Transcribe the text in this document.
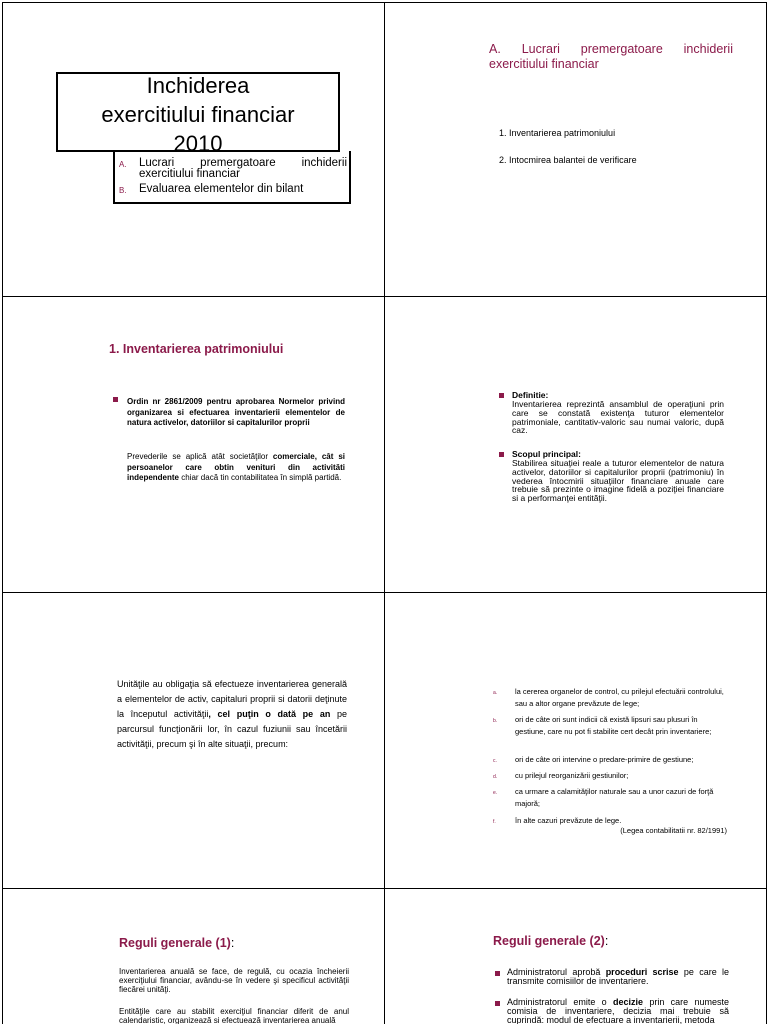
Inchiderea
exercitiului financiar
2010
A.	Lucrari premergatoare inchiderii exercitiului financiar
B.	Evaluarea elementelor din bilant
A. Lucrari premergatoare inchiderii
exercitiului financiar
1. Inventarierea patrimoniului
2. Intocmirea balantei de verificare
1. Inventarierea patrimoniului
Ordin nr 2861/2009 pentru aprobarea Normelor privind organizarea si efectuarea inventarierii elementelor de natura activelor, datoriilor si capitalurilor proprii
Prevederile se aplică atât societăţilor comerciale, cât si persoanelor care obtin venituri din activităti independente chiar dacă tin contabilitatea în simplă partidă.
Definitie:
Inventarierea reprezintă ansamblul de operaţiuni prin care se constată existenţa tuturor elementelor patrimoniale, cantitativ-valoric sau numai valoric, după caz.
Scopul principal:
Stabilirea situaţiei reale a tuturor elementelor de natura activelor, datoriilor si capitalurilor proprii (patrimoniu) în vederea întocmirii situaţiilor financiare anuale care trebuie să prezinte o imagine fidelă a poziţiei financiare si a performanţei entităţii.
Unităţile au obligaţia să efectueze inventarierea generală a elementelor de activ, capitaluri proprii si datorii deţinute la începutul activităţii, cel puţin o dată pe an pe parcursul funcţionării lor, în cazul fuziunii sau încetării activităţii, precum şi în alte situaţii, precum:
a.	la cererea organelor de control, cu prilejul efectuării controlului, sau a altor organe prevăzute de lege;
b.	ori de câte ori sunt indicii că există lipsuri sau plusuri în gestiune, care nu pot fi stabilite cert decât prin inventariere;
c.	ori de câte ori intervine o predare-primire de gestiune;
d.	cu prilejul reorganizării gestiunilor;
e.	ca urmare a calamităţilor naturale sau a unor cazuri de forţă majoră;
f.	în alte cazuri prevăzute de lege.
(Legea contabilitatii nr. 82/1991)
Reguli generale (1):
Inventarierea anuală se face, de regulă, cu ocazia încheierii exerciţiului financiar, avându-se în vedere şi specificul activităţii fiecărei unităţi.
Entităţile care au stabilit exerciţiul financiar diferit de anul calendaristic, organizează si efectuează inventarierea anuală
Reguli generale (2):
Administratorul aprobă proceduri scrise pe care le transmite comisiilor de inventariere.
Administratorul emite o decizie prin care numeste comisia de inventariere, decizia mai trebuie să cuprindă: modul de efectuare a inventarierii, metoda
